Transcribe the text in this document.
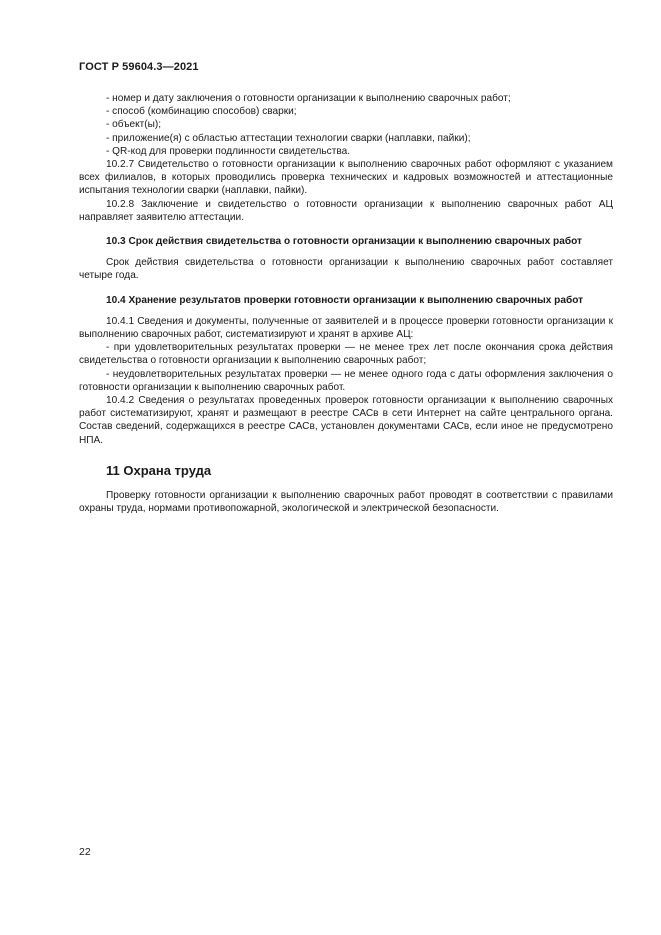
ГОСТ Р 59604.3—2021

- номер и дату заключения о готовности организации к выполнению сварочных работ;

- способ (комбинацию способов) сварки;

- объект(ы);

- приложение(я) с областью аттестации технологии сварки (наплавки, пайки);

- QR-код для проверки подлинности свидетельства.

10.2.7 Свидетельство о готовности организации к выполнению сварочных работ оформляют с указанием всех филиалов, в которых проводились проверка технических и кадровых возможностей и аттестационные испытания технологии сварки (наплавки, пайки).

10.2.8 Заключение и свидетельство о готовности организации к выполнению сварочных работ АЦ направляет заявителю аттестации.

10.3 Срок действия свидетельства о готовности организации к выполнению сварочных работ

Срок действия свидетельства о готовности организации к выполнению сварочных работ составляет четыре года.

10.4 Хранение результатов проверки готовности организации к выполнению сварочных работ

10.4.1 Сведения и документы, полученные от заявителей и в процессе проверки готовности организации к выполнению сварочных работ, систематизируют и хранят в архиве АЦ:

- при удовлетворительных результатах проверки — не менее трех лет после окончания срока действия свидетельства о готовности организации к выполнению сварочных работ;

- неудовлетворительных результатах проверки — не менее одного года с даты оформления заключения о готовности организации к выполнению сварочных работ.

10.4.2 Сведения о результатах проведенных проверок готовности организации к выполнению сварочных работ систематизируют, хранят и размещают в реестре САСв в сети Интернет на сайте центрального органа. Состав сведений, содержащихся в реестре САСв, установлен документами САСв, если иное не предусмотрено НПА.

11 Охрана труда

Проверку готовности организации к выполнению сварочных работ проводят в соответствии с правилами охраны труда, нормами противопожарной, экологической и электрической безопасности.

22
